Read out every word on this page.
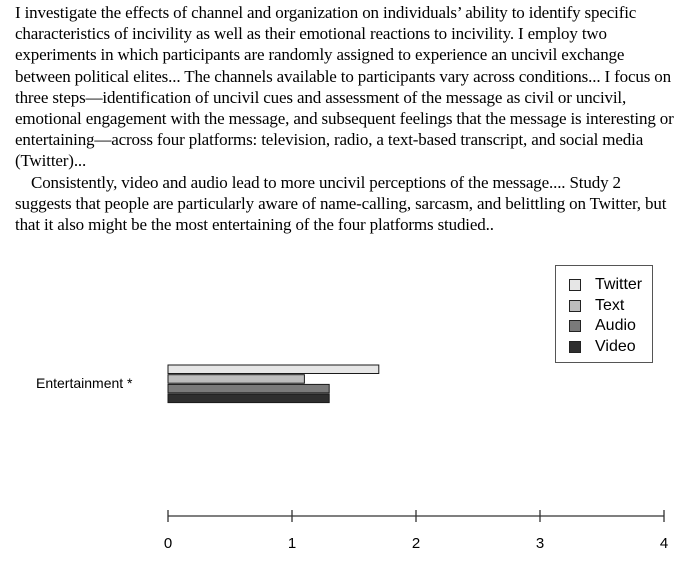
I investigate the effects of channel and organization on individuals’ ability to identify specific characteristics of incivility as well as their emotional reactions to incivility. I employ two experiments in which participants are randomly assigned to experience an uncivil exchange between political elites... The channels available to participants vary across conditions... I focus on three steps—identification of uncivil cues and assessment of the message as civil or uncivil, emotional engagement with the message, and subsequent feelings that the message is interesting or entertaining—across four platforms: television, radio, a text-based transcript, and social media (Twitter)...

Consistently, video and audio lead to more uncivil perceptions of the message.... Study 2 suggests that people are particularly aware of name-calling, sarcasm, and belittling on Twitter, but that it also might be the most entertaining of the four platforms studied..

Entertainment *
0	1	2	3	4
Twitter
Text
Audio
Video
